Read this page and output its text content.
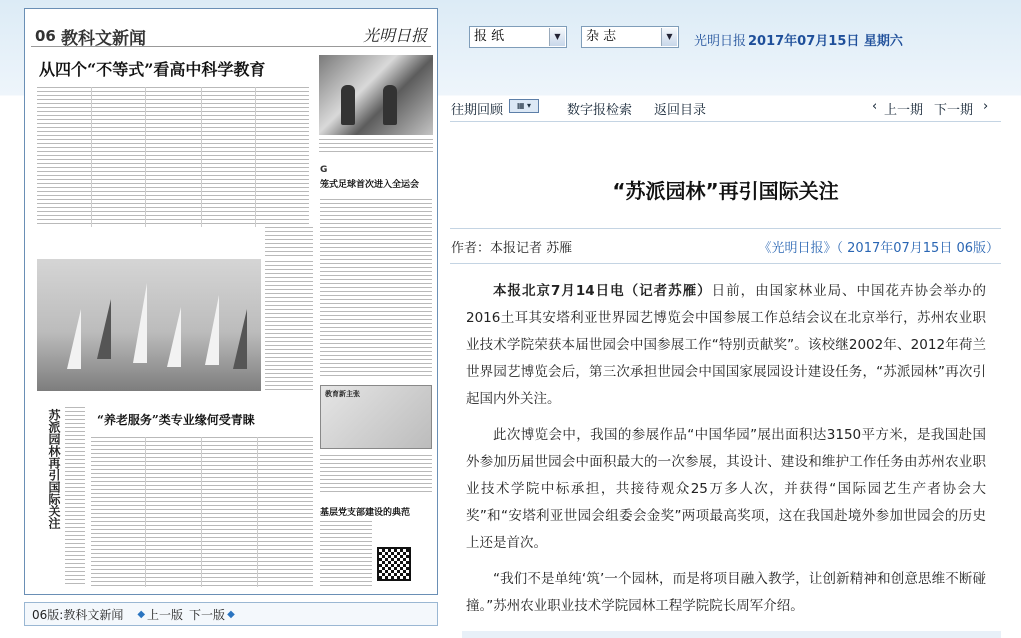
06 教科文新闻	光明日报
从四个“不等式”看高中科学教育
G
笼式足球首次进入全运会
教育新主张
苏派园林再引国际关注	“养老服务”类专业缘何受青睐
基层党支部建设的典范
06版:教科文新闻 ◆ 上一版 下一版 ◆
报 纸	▼	杂 志	▼	光明日报 2017年07月15日 星期六
往期回顾	▦ ▾	数字报检索 返回目录	‹ 上一期 下一期 ›
“苏派园林”再引国际关注
作者：本报记者 苏雁	《光明日报》（ 2017年07月15日 06版）

本报北京7月14日电（记者苏雁）日前，由国家林业局、中国花卉协会举办的2016土耳其安塔利亚世界园艺博览会中国参展工作总结会议在北京举行，苏州农业职业技术学院荣获本届世园会中国参展工作“特别贡献奖”。该校继2002年、2012年荷兰世界园艺博览会后，第三次承担世园会中国国家展园设计建设任务，“苏派园林”再次引起国内外关注。

此次博览会中，我国的参展作品“中国华园”展出面积达3150平方米，是我国赴国外参加历届世园会中面积最大的一次参展，其设计、建设和维护工作任务由苏州农业职业技术学院中标承担，共接待观众25万多人次，并获得“国际园艺生产者协会大奖”和“安塔利亚世园会组委会金奖”两项最高奖项，这在我国赴境外参加世园会的历史上还是首次。

“我们不是单纯‘筑’一个园林，而是将项目融入教学，让创新精神和创意思维不断碰撞。”苏州农业职业技术学院园林工程学院院长周军介绍。
